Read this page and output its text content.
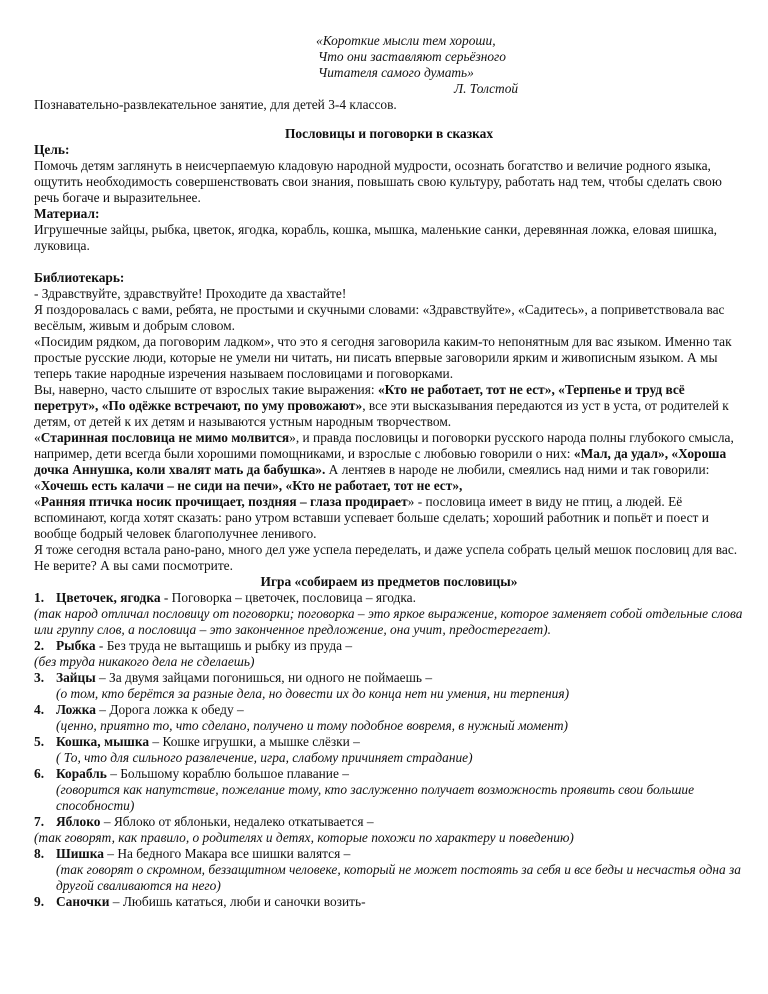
«Короткие мысли тем хороши,
Что они заставляют серьёзного
Читателя самого думать»
Л. Толстой

Познавательно-развлекательное занятие, для детей 3-4 классов.

Пословицы и поговорки в сказках
Цель:

Помочь детям заглянуть в неисчерпаемую кладовую народной мудрости, осознать богатство и величие родного языка, ощутить необходимость совершенствовать свои знания, повышать свою культуру, работать над тем, чтобы сделать свою речь богаче и выразительнее.

Материал:

Игрушечные зайцы, рыбка, цветок, ягодка, корабль, кошка, мышка, маленькие санки, деревянная ложка, еловая шишка, луковица.

Библиотекарь:

- Здравствуйте, здравствуйте! Проходите да хвастайте!

Я поздоровалась с вами, ребята, не простыми и скучными словами: «Здравствуйте», «Садитесь», а поприветствовала вас весёлым, живым и добрым словом.

«Посидим рядком, да поговорим ладком», что это я сегодня заговорила каким-то непонятным для вас языком. Именно так простые русские люди, которые не умели ни читать, ни писать впервые заговорили ярким и живописным языком. А мы теперь такие народные изречения называем пословицами и поговорками.

Вы, наверно, часто слышите от взрослых такие выражения: «Кто не работает, тот не ест», «Терпенье и труд всё перетрут», «По одёжке встречают, по уму провожают», все эти высказывания передаются из уст в уста, от родителей к детям, от детей к их детям и называются устным народным творчеством.

«Старинная пословица не мимо молвится», и правда пословицы и поговорки русского народа полны глубокого смысла, например, дети всегда были хорошими помощниками, и взрослые с любовью говорили о них: «Мал, да удал», «Хороша дочка Аннушка, коли хвалят мать да бабушка». А лентяев в народе не любили, смеялись над ними и так говорили: «Хочешь есть калачи – не сиди на печи», «Кто не работает, тот не ест»,

«Ранняя птичка носик прочищает, поздняя – глаза продирает» - пословица имеет в виду не птиц, а людей. Её вспоминают, когда хотят сказать: рано утром вставши успевает больше сделать; хороший работник и попьёт и поест и вообще бодрый человек благополучнее ленивого.

Я тоже сегодня встала рано-рано, много дел уже успела переделать, и даже успела собрать целый мешок пословиц для вас. Не верите? А вы сами посмотрите.

Игра «собираем из предметов пословицы»
1. Цветочек, ягодка - Поговорка – цветочек, пословица – ягодка.
(так народ отличал пословицу от поговорки; поговорка – это яркое выражение, которое заменяет собой отдельные слова или группу слов, а пословица – это законченное предложение, она учит, предостерегает).
2. Рыбка - Без труда не вытащишь и рыбку из пруда –
(без труда никакого дела не сделаешь)
3. Зайцы – За двумя зайцами погонишься, ни одного не поймаешь –
(о том, кто берётся за разные дела, но довести их до конца нет ни умения, ни терпения)
4. Ложка – Дорога ложка к обеду –
(ценно, приятно то, что сделано, получено и тому подобное вовремя, в нужный момент)
5. Кошка, мышка – Кошке игрушки, а мышке слёзки –
( То, что для сильного развлечение, игра, слабому причиняет страдание)
6. Корабль – Большому кораблю большое плавание –
(говорится как напутствие, пожелание тому, кто заслуженно получает возможность проявить свои большие способности)
7. Яблоко – Яблоко от яблоньки, недалеко откатывается –
(так говорят, как правило, о родителях и детях, которые похожи по характеру и поведению)
8. Шишка – На бедного Макара все шишки валятся –
(так говорят о скромном, беззащитном человеке, который не может постоять за себя и все беды и несчастья одна за другой сваливаются на него)
9. Саночки – Любишь кататься, люби и саночки возить-
